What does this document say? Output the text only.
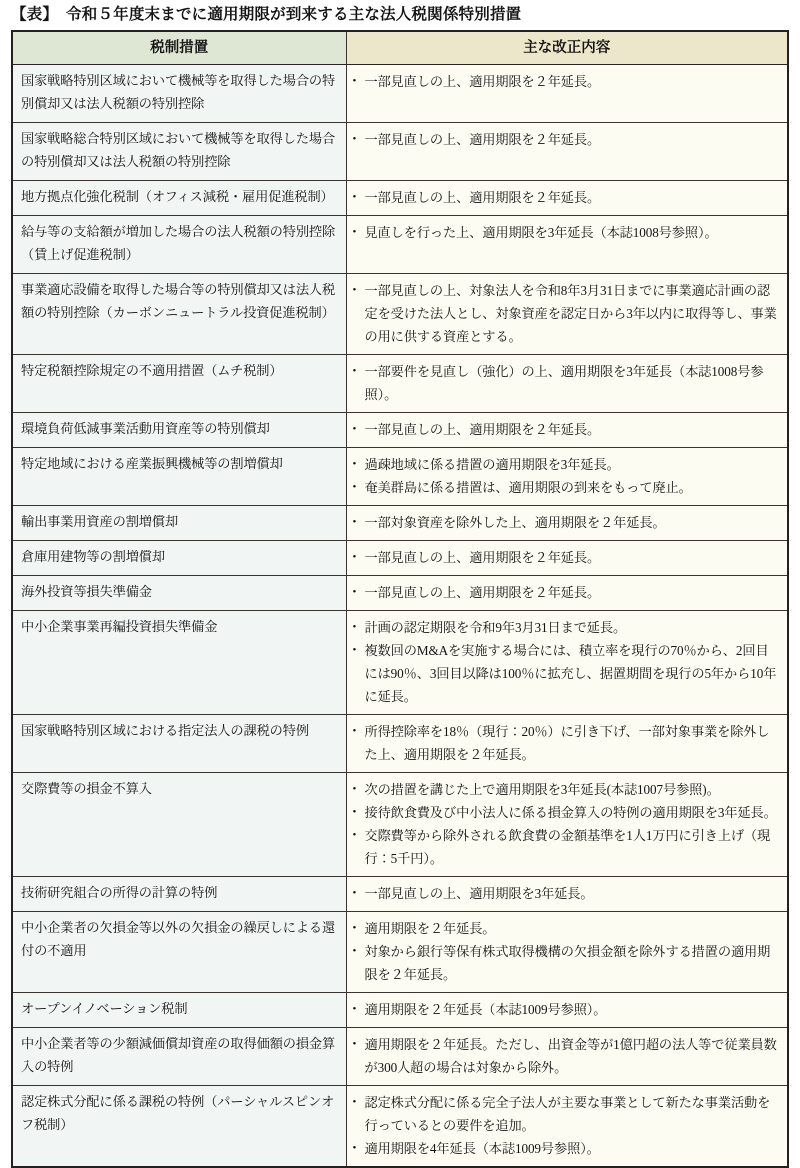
【表】　令和５年度末までに適用期限が到来する主な法人税関係特別措置
税制措置	主な改正内容
国家戦略特別区域において機械等を取得した場合の特別償却又は法人税額の特別控除	
• 一部見直しの上、適用期限を２年延長。

国家戦略総合特別区域において機械等を取得した場合の特別償却又は法人税額の特別控除	
• 一部見直しの上、適用期限を２年延長。

地方拠点化強化税制（オフィス減税・雇用促進税制）	
•一部見直しの上、適用期限を２年延長。

給与等の支給額が増加した場合の法人税額の特別控除（賃上げ促進税制）	
• 見直しを行った上、適用期限を3年延長（本誌1008号参照）。

事業適応設備を取得した場合等の特別償却又は法人税額の特別控除（カーボンニュートラル投資促進税制）	
• 一部見直しの上、対象法人を令和8年3月31日までに事業適応計画の認定を受けた法人とし、対象資産を認定日から3年以内に取得等し、事業の用に供する資産とする。

特定税額控除規定の不適用措置（ムチ税制）	
•一部要件を見直し（強化）の上、適用期限を3年延長（本誌1008号参照）。

環境負荷低減事業活動用資産等の特別償却	
•一部見直しの上、適用期限を２年延長。

特定地域における産業振興機械等の割増償却	
•過疎地域に係る措置の適用期限を3年延長。
• 奄美群島に係る措置は、適用期限の到来をもって廃止。

輸出事業用資産の割増償却	
•一部対象資産を除外した上、適用期限を２年延長。

倉庫用建物等の割増償却	
•一部見直しの上、適用期限を２年延長。

海外投資等損失準備金	
•一部見直しの上、適用期限を２年延長。

中小企業事業再編投資損失準備金	
•計画の認定期限を令和9年3月31日まで延長。
• 複数回のM&Aを実施する場合には、積立率を現行の70％から、2回目には90％、3回目以降は100％に拡充し、据置期間を現行の5年から10年に延長。

国家戦略特別区域における指定法人の課税の特例	
•所得控除率を18％（現行：20％）に引き下げ、一部対象事業を除外した上、適用期限を２年延長。

交際費等の損金不算入	
•次の措置を講じた上で適用期限を3年延長(本誌1007号参照)。
• 接待飲食費及び中小法人に係る損金算入の特例の適用期限を3年延長。
• 交際費等から除外される飲食費の金額基準を1人1万円に引き上げ（現行：5千円）。

技術研究組合の所得の計算の特例	
•一部見直しの上、適用期限を3年延長。

中小企業者の欠損金等以外の欠損金の繰戻しによる還付の不適用	
• 適用期限を２年延長。
• 対象から銀行等保有株式取得機構の欠損金額を除外する措置の適用期限を２年延長。

オープンイノベーション税制	
•適用期限を２年延長（本誌1009号参照）。

中小企業者等の少額減価償却資産の取得価額の損金算入の特例	
• 適用期限を２年延長。ただし、出資金等が1億円超の法人等で従業員数が300人超の場合は対象から除外。

認定株式分配に係る課税の特例（パーシャルスピンオフ税制）	
• 認定株式分配に係る完全子法人が主要な事業として新たな事業活動を行っているとの要件を追加。
• 適用期限を4年延長（本誌1009号参照）。
